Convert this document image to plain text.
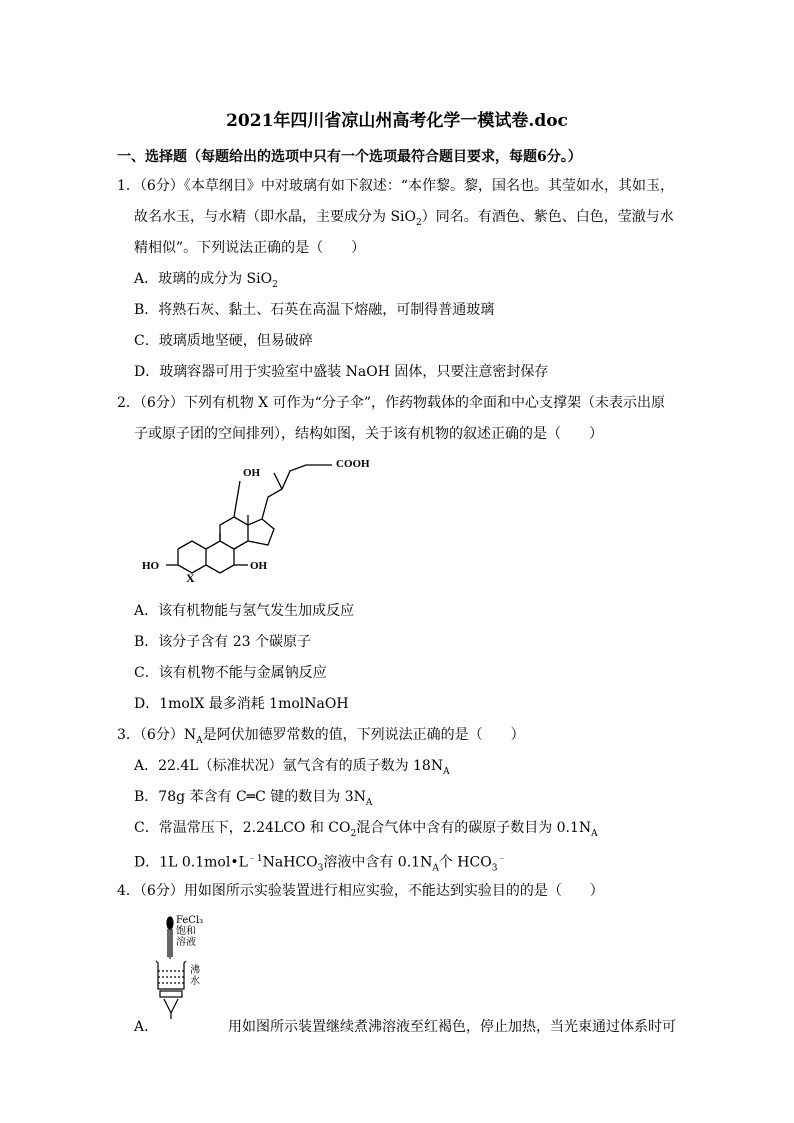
2021年四川省凉山州高考化学一模试卷.doc
一、选择题（每题给出的选项中只有一个选项最符合题目要求，每题6分。）
1．（6分）《本草纲目》中对玻璃有如下叙述：“本作黎。黎，国名也。其莹如水，其如玉，
故名水玉，与水精（即水晶，主要成分为 SiO$_2$）同名。有酒色、紫色、白色，莹澈与水
精相似”。下列说法正确的是（　　）
A．玻璃的成分为 SiO$_2$
B．将熟石灰、黏土、石英在高温下熔融，可制得普通玻璃
C．玻璃质地坚硬，但易破碎
D．玻璃容器可用于实验室中盛装 NaOH 固体，只要注意密封保存
2．（6分）下列有机物 X 可作为“分子伞”，作药物载体的伞面和中心支撑架（未表示出原
子或原子团的空间排列），结构如图，关于该有机物的叙述正确的是（　　）
OH
COOH
HO	OH
X
A．该有机物能与氢气发生加成反应
B．该分子含有 23 个碳原子
C．该有机物不能与金属钠反应
D．1molX 最多消耗 1molNaOH
3．（6分）$N_A$是阿伏加德罗常数的值，下列说法正确的是（　　）
A．22.4L（标准状况）氩气含有的质子数为 $18N_A$
B．78g 苯含有 C═C 键的数目为 $3N_A$
C．常温常压下，2.24LCO 和 $CO_2$混合气体中含有的碳原子数目为 $0.1N_A$
D．1L $0.1mol•L^{﹣1}NaHCO_3$溶液中含有 $0.1N_A$个 $HCO_3^﹣$
4．（6分）用如图所示实验装置进行相应实验，不能达到实验目的的是（　　）
FeCl₃
饱和
溶液
沸
水
A．	用如图所示装置继续煮沸溶液至红褐色，停止加热，当光束通过体系时可
